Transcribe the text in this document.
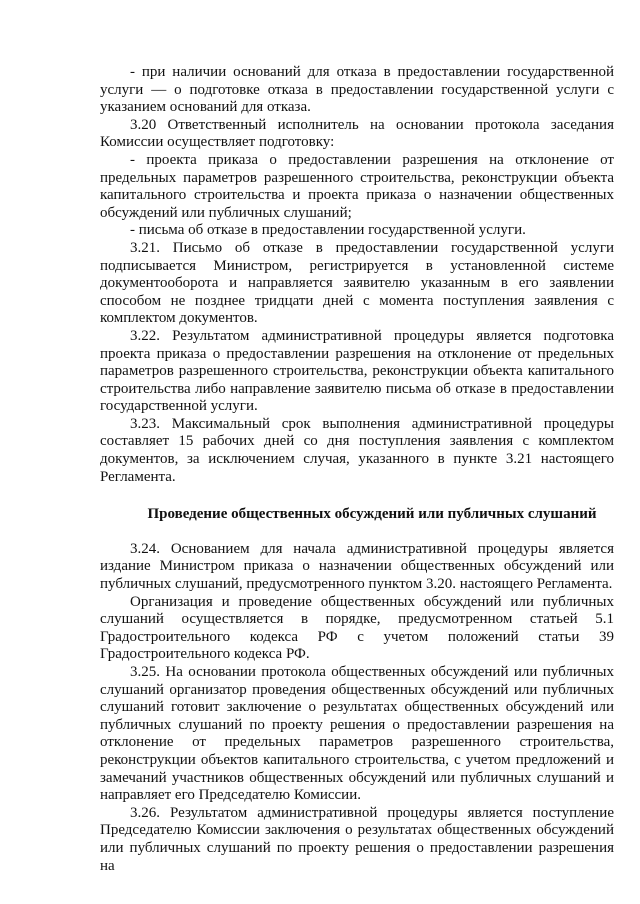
- при наличии оснований для отказа в предоставлении государственной услуги — о подготовке отказа в предоставлении государственной услуги с указанием оснований для отказа.

3.20 Ответственный исполнитель на основании протокола заседания Комиссии осуществляет подготовку:

- проекта приказа о предоставлении разрешения на отклонение от предельных параметров разрешенного строительства, реконструкции объекта капитального строительства и проекта приказа о назначении общественных обсуждений или публичных слушаний;

- письма об отказе в предоставлении государственной услуги.

3.21. Письмо об отказе в предоставлении государственной услуги подписывается Министром, регистрируется в установленной системе документооборота и направляется заявителю указанным в его заявлении способом не позднее тридцати дней с момента поступления заявления с комплектом документов.

3.22. Результатом административной процедуры является подготовка проекта приказа о предоставлении разрешения на отклонение от предельных параметров разрешенного строительства, реконструкции объекта капитального строительства либо направление заявителю письма об отказе в предоставлении государственной услуги.

3.23. Максимальный срок выполнения административной процедуры составляет 15 рабочих дней со дня поступления заявления с комплектом документов, за исключением случая, указанного в пункте 3.21 настоящего Регламента.

Проведение общественных обсуждений или публичных слушаний

3.24. Основанием для начала административной процедуры является издание Министром приказа о назначении общественных обсуждений или публичных слушаний, предусмотренного пунктом 3.20. настоящего Регламента.

Организация и проведение общественных обсуждений или публичных слушаний осуществляется в порядке, предусмотренном статьей 5.1 Градостроительного кодекса РФ с учетом положений статьи 39 Градостроительного кодекса РФ.

3.25. На основании протокола общественных обсуждений или публичных слушаний организатор проведения общественных обсуждений или публичных слушаний готовит заключение о результатах общественных обсуждений или публичных слушаний по проекту решения о предоставлении разрешения на отклонение от предельных параметров разрешенного строительства, реконструкции объектов капитального строительства, с учетом предложений и замечаний участников общественных обсуждений или публичных слушаний и направляет его Председателю Комиссии.

3.26. Результатом административной процедуры является поступление Председателю Комиссии заключения о результатах общественных обсуждений или публичных слушаний по проекту решения о предоставлении разрешения на
